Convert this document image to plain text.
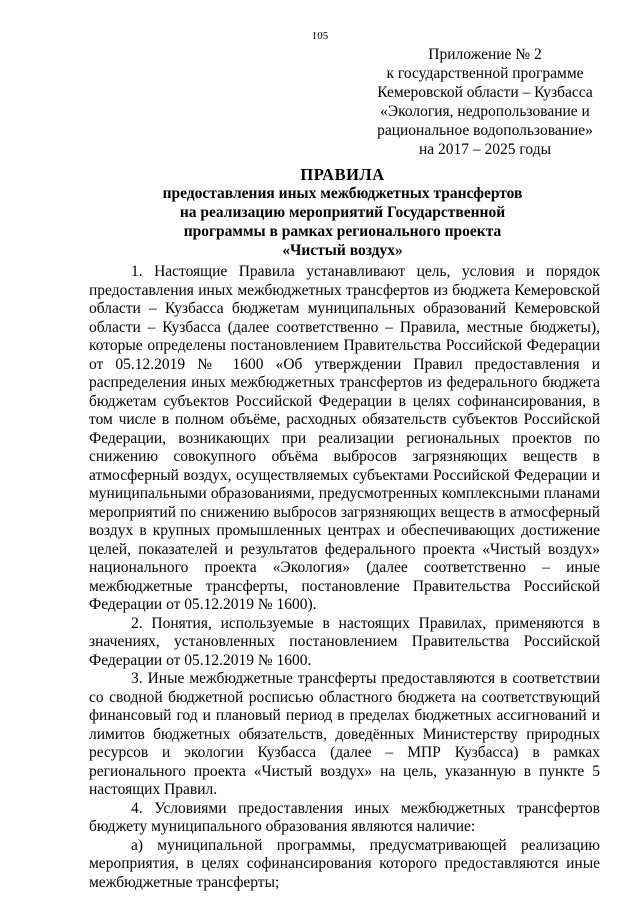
105
Приложение № 2
к государственной программе
Кемеровской области – Кузбасса
«Экология, недропользование и
рациональное водопользование»
на 2017 – 2025 годы
ПРАВИЛА
предоставления иных межбюджетных трансфертов
на реализацию мероприятий Государственной
программы в рамках регионального проекта
«Чистый воздух»

1. Настоящие Правила устанавливают цель, условия и порядок предоставления иных межбюджетных трансфертов из бюджета Кемеровской области – Кузбасса бюджетам муниципальных образований Кемеровской области – Кузбасса (далее соответственно – Правила, местные бюджеты), которые определены постановлением Правительства Российской Федерации от 05.12.2019 № 1600 «Об утверждении Правил предоставления и распределения иных межбюджетных трансфертов из федерального бюджета бюджетам субъектов Российской Федерации в целях софинансирования, в том числе в полном объёме, расходных обязательств субъектов Российской Федерации, возникающих при реализации региональных проектов по снижению совокупного объёма выбросов загрязняющих веществ в атмосферный воздух, осуществляемых субъектами Российской Федерации и муниципальными образованиями, предусмотренных комплексными планами мероприятий по снижению выбросов загрязняющих веществ в атмосферный воздух в крупных промышленных центрах и обеспечивающих достижение целей, показателей и результатов федерального проекта «Чистый воздух» национального проекта «Экология» (далее соответственно – иные межбюджетные трансферты, постановление Правительства Российской Федерации от 05.12.2019 № 1600).

2. Понятия, используемые в настоящих Правилах, применяются в значениях, установленных постановлением Правительства Российской Федерации от 05.12.2019 № 1600.

3. Иные межбюджетные трансферты предоставляются в соответствии со сводной бюджетной росписью областного бюджета на соответствующий финансовый год и плановый период в пределах бюджетных ассигнований и лимитов бюджетных обязательств, доведённых Министерству природных ресурсов и экологии Кузбасса (далее – МПР Кузбасса) в рамках регионального проекта «Чистый воздух» на цель, указанную в пункте 5 настоящих Правил.

4. Условиями предоставления иных межбюджетных трансфертов бюджету муниципального образования являются наличие:

а) муниципальной программы, предусматривающей реализацию мероприятия, в целях софинансирования которого предоставляются иные межбюджетные трансферты;
